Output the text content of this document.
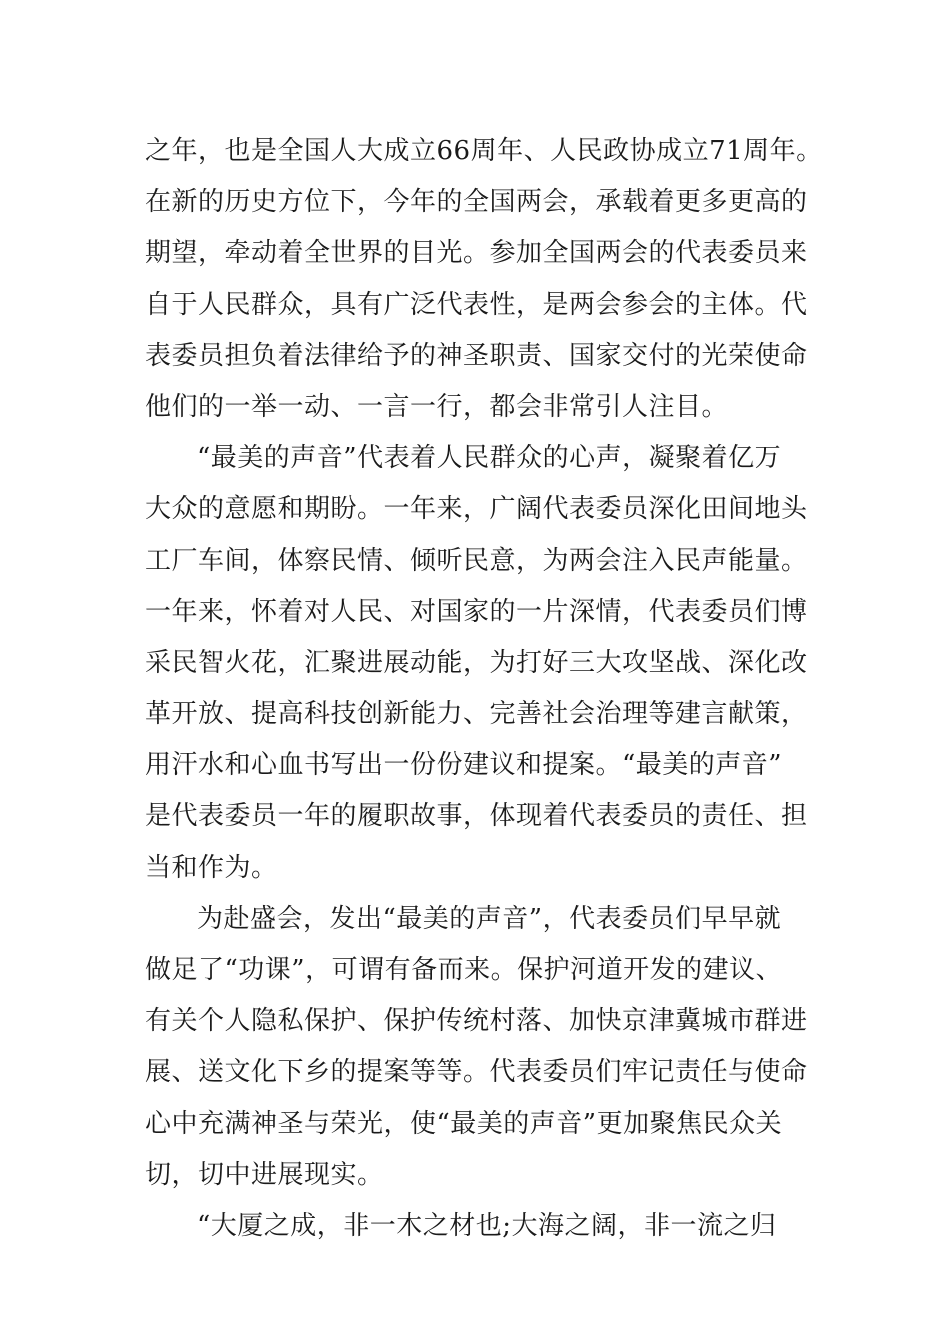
之年，也是全国人大成立66周年、人民政协成立71周年。
在新的历史方位下，今年的全国两会，承载着更多更高的
期望，牵动着全世界的目光。参加全国两会的代表委员来
自于人民群众，具有广泛代表性，是两会参会的主体。代
表委员担负着法律给予的神圣职责、国家交付的光荣使命
他们的一举一动、一言一行，都会非常引人注目。
“最美的声音”代表着人民群众的心声，凝聚着亿万
大众的意愿和期盼。一年来，广阔代表委员深化田间地头
工厂车间，体察民情、倾听民意，为两会注入民声能量。
一年来，怀着对人民、对国家的一片深情，代表委员们博
采民智火花，汇聚进展动能，为打好三大攻坚战、深化改
革开放、提高科技创新能力、完善社会治理等建言献策，
用汗水和心血书写出一份份建议和提案。“最美的声音”
是代表委员一年的履职故事，体现着代表委员的责任、担
当和作为。
为赴盛会，发出“最美的声音”，代表委员们早早就
做足了“功课”，可谓有备而来。保护河道开发的建议、
有关个人隐私保护、保护传统村落、加快京津冀城市群进
展、送文化下乡的提案等等。代表委员们牢记责任与使命
心中充满神圣与荣光，使“最美的声音”更加聚焦民众关
切，切中进展现实。
“大厦之成，非一木之材也;大海之阔，非一流之归
